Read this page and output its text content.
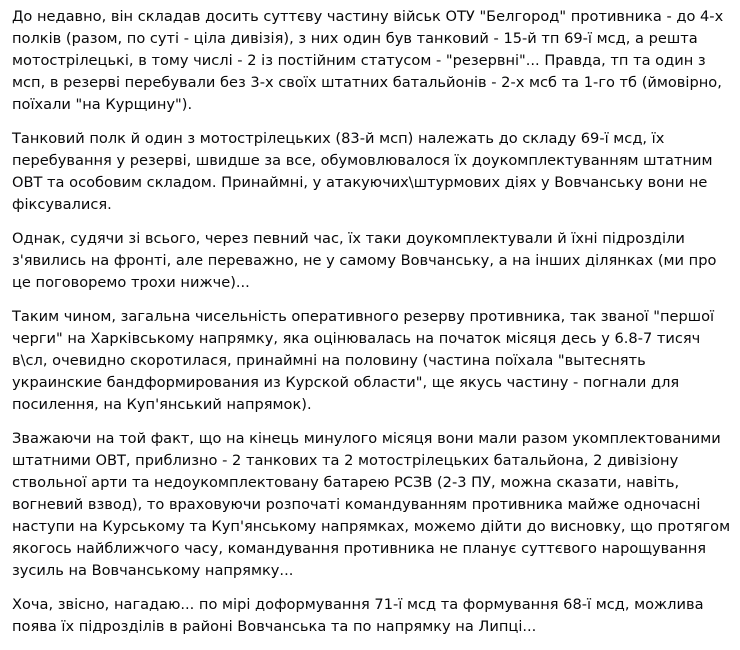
До недавно, він складав досить суттєву частину військ ОТУ "Белгород" противника - до 4-х полків (разом, по суті - ціла дивізія), з них один був танковий - 15-й тп 69-ї мсд, а решта мотострілецькі, в тому числі - 2 із постійним статусом - "резервні"... Правда, тп та один з мсп, в резерві перебували без 3-х своїх штатних батальйонів - 2-х мсб та 1-го тб (ймовірно, поїхали "на Курщину").

Танковий полк й один з мотострілецьких (83-й мсп) належать до складу 69-ї мсд, їх перебування у резерві, швидше за все, обумовлювалося їх доукомплектуванням штатним ОВТ та особовим складом. Принаймні, у атакуючих\штурмових діях у Вовчанську вони не фіксувалися.

Однак, судячи зі всього, через певний час, їх таки доукомплектували й їхні підрозділи з'явились на фронті, але переважно, не у самому Вовчанську, а на інших ділянках (ми про це поговоремо трохи нижче)...

Таким чином, загальна чисельність оперативного резерву противника, так званої "першої черги" на Харківському напрямку, яка оцінювалась на початок місяця десь у 6.8-7 тисяч в\сл, очевидно скоротилася, принаймні на половину (частина поїхала "вытеснять украинские бандформирования из Курской области", ще якусь частину - погнали для посилення, на Куп'янський напрямок).

Зважаючи на той факт, що на кінець минулого місяця вони мали разом укомплектованими штатними ОВТ, приблизно - 2 танкових та 2 мотострілецьких батальйона, 2 дивізіону ствольної арти та недоукомплектовану батарею РСЗВ (2-3 ПУ, можна сказати, навіть, вогневий взвод), то враховуючи розпочаті командуванням противника майже одночасні наступи на Курському та Куп'янському напрямках, можемо дійти до висновку, що протягом якогось найближчого часу, командування противника не планує суттєвого нарощування зусиль на Вовчанському напрямку...

Хоча, звісно, нагадаю... по мірі доформування 71-ї мсд та формування 68-ї мсд, можлива поява їх підрозділів в районі Вовчанська та по напрямку на Липці...
